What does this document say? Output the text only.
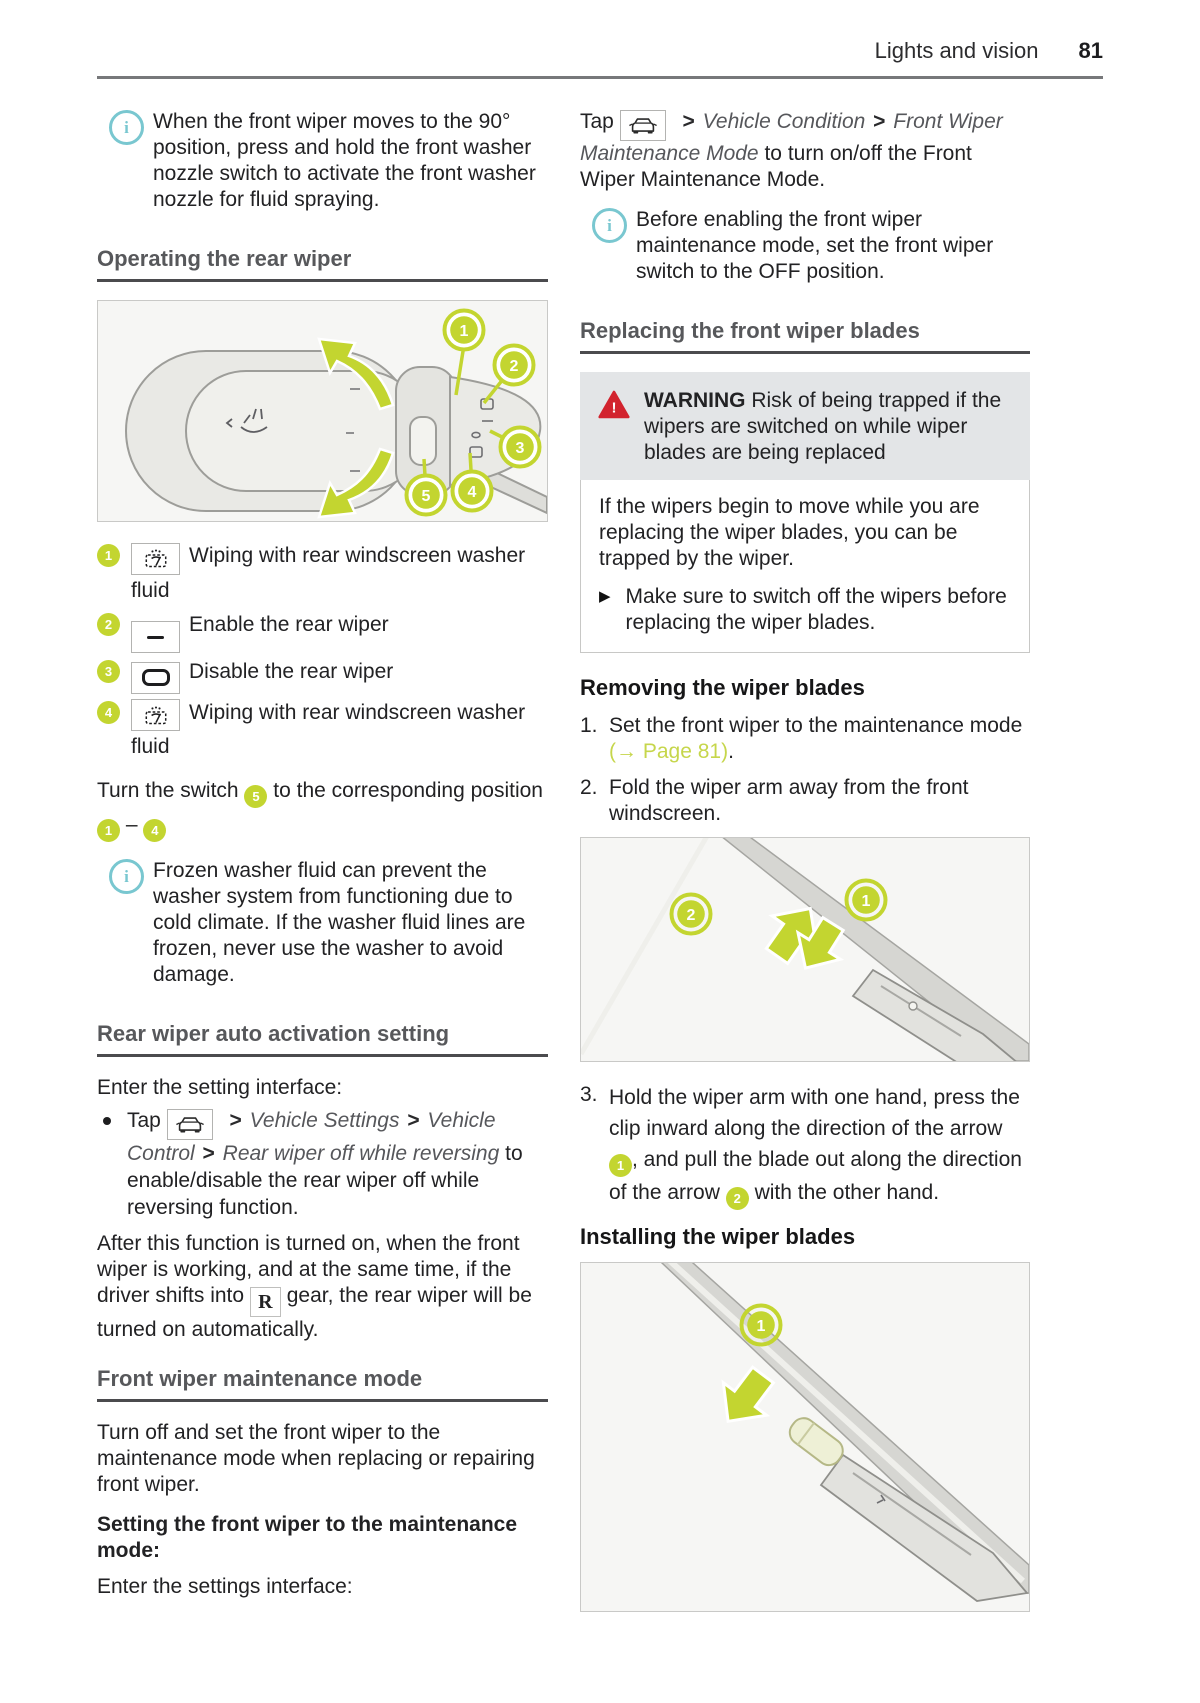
Lights and vision 81
i	When the front wiper moves to the 90° position, press and hold the front washer nozzle switch to activate the front washer nozzle for fluid spraying.

Operating the rear wiper
1
2
3
4
5
1	Wiping with rear windscreen washer fluid
2	Enable the rear wiper
3	Disable the rear wiper
4	Wiping with rear windscreen washer fluid

Turn the switch 5 to the corresponding position 1 – 4

i	Frozen washer fluid can prevent the washer system from functioning due to cold climate. If the washer fluid lines are frozen, never use the washer to avoid damage.

Rear wiper auto activation setting

Enter the setting interface:

Tap	> Vehicle Settings > Vehicle Control > Rear wiper off while reversing to enable/disable the rear wiper off while reversing function.

After this function is turned on, when the front wiper is working, and at the same time, if the driver shifts into R gear, the rear wiper will be turned on automatically.

Front wiper maintenance mode

Turn off and set the front wiper to the maintenance mode when replacing or repairing front wiper.

Setting the front wiper to the maintenance mode:

Enter the settings interface:

Tap	> Vehicle Condition > Front Wiper Maintenance Mode to turn on/off the Front Wiper Maintenance Mode.

i	Before enabling the front wiper maintenance mode, set the front wiper switch to the OFF position.

Replacing the front wiper blades
! WARNING Risk of being trapped if the wipers are switched on while wiper blades are being replaced

If the wipers begin to move while you are replacing the wiper blades, you can be trapped by the wiper.

▶ Make sure to switch off the wipers before replacing the wiper blades.

Removing the wiper blades
1. Set the front wiper to the maintenance mode (→ Page 81).
2. Fold the wiper arm away from the front windscreen.
2
1
3. Hold the wiper arm with one hand, press the clip inward along the direction of the arrow 1 , and pull the blade out along the direction of the arrow 2 with the other hand.
Installing the wiper blades
1
